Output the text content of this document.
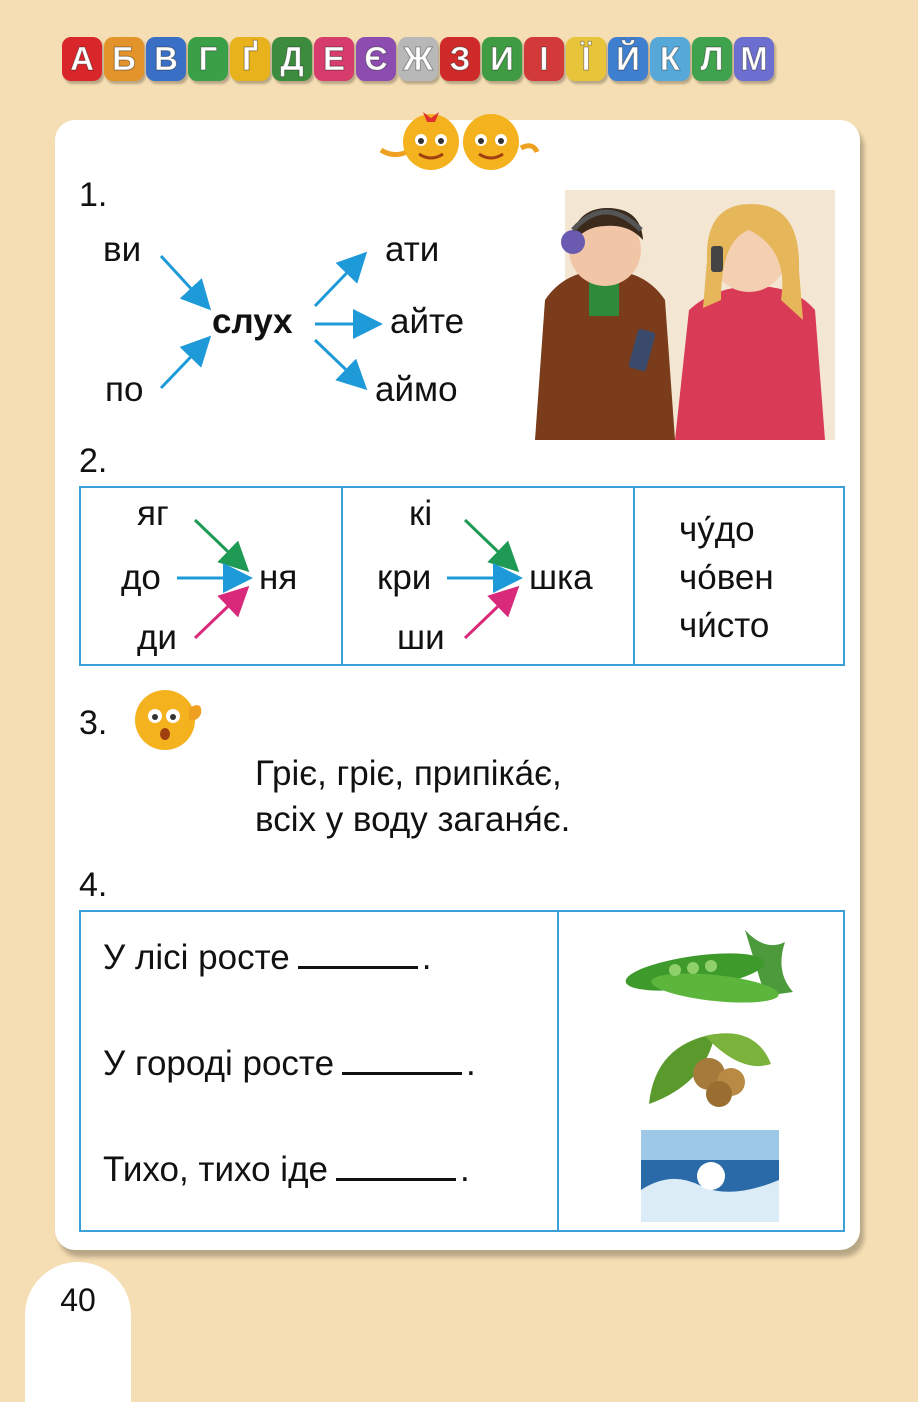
А Б В Г Ґ Д Е Є Ж З И І Ї Й К Л М
1.
ви
по
слух
ати
айте
аймо
2.
яг
до
ди
ня

кі
кри
ши
шка

чу́до
чо́вен
чи́сто
3.
Гріє, гріє, припіка́є,
всіх у воду заганя́є.
4.
У лісі росте	.
У городі росте	.
Тихо, тихо іде	.

40
